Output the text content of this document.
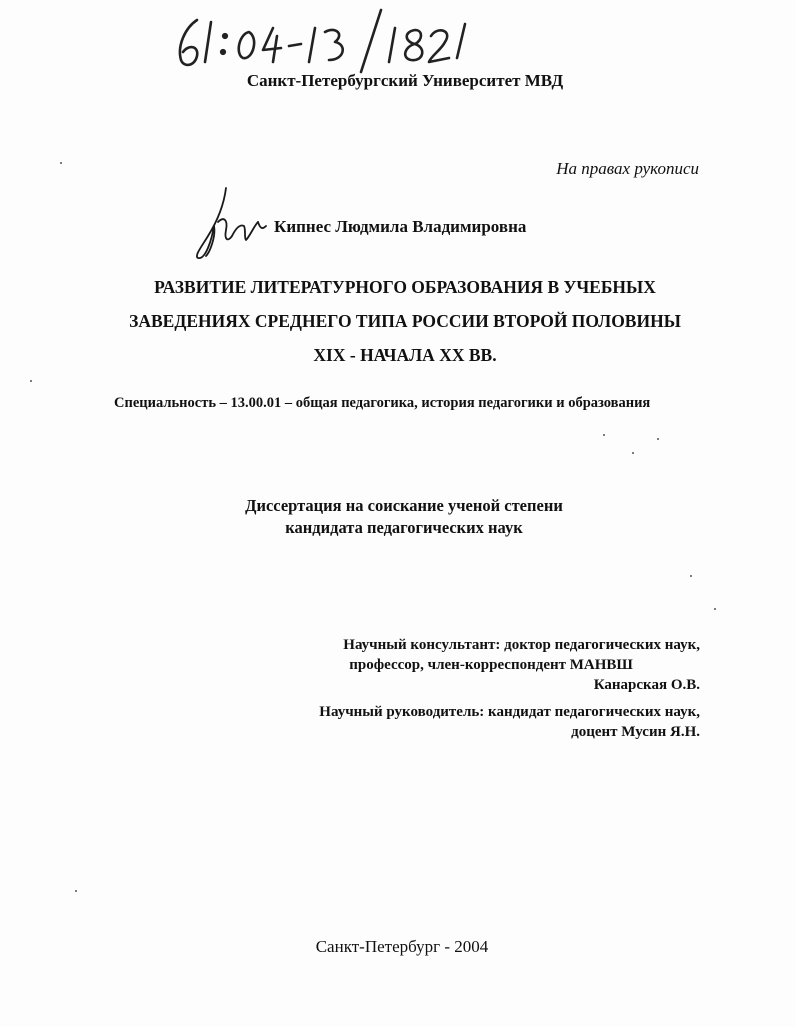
Санкт-Петербургский Университет МВД
На правах рукописи
Кипнес Людмила Владимировна
РАЗВИТИЕ ЛИТЕРАТУРНОГО ОБРАЗОВАНИЯ В УЧЕБНЫХ
ЗАВЕДЕНИЯХ СРЕДНЕГО ТИПА РОССИИ ВТОРОЙ ПОЛОВИНЫ
XIX - НАЧАЛА XX ВВ.
Специальность – 13.00.01 – общая педагогика, история педагогики и образования
Диссертация на соискание ученой степени
кандидата педагогических наук
Научный консультант: доктор педагогических наук,
профессор, член-корреспондент МАНВШ
Канарская О.В.
Научный руководитель: кандидат педагогических наук,
доцент Мусин Я.Н.
Санкт-Петербург - 2004
